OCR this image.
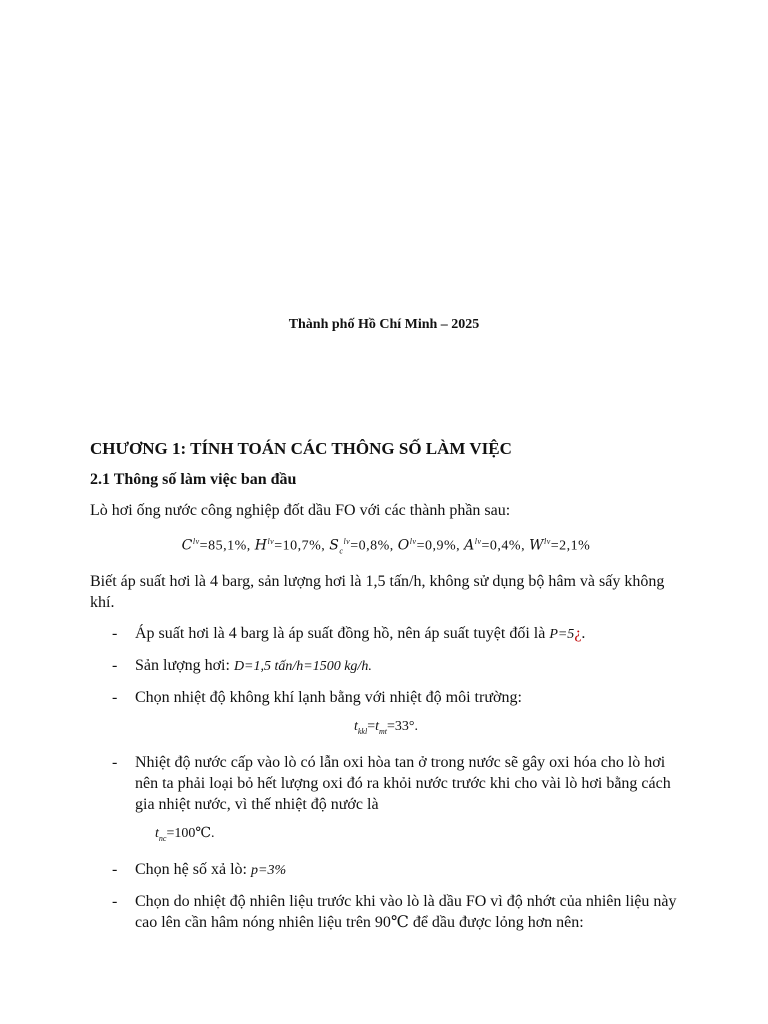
Thành phố Hồ Chí Minh – 2025
CHƯƠNG 1: TÍNH TOÁN CÁC THÔNG SỐ LÀM VIỆC
2.1 Thông số làm việc ban đầu

Lò hơi ống nước công nghiệp đốt dầu FO với các thành phần sau:

$C^{lv}=85,1\%$, $H^{lv}=10,7\%$, $S_c^{lv}=0,8\%$, $O^{lv}=0,9\%$, $A^{lv}=0,4\%$, $W^{lv}=2,1\%$

Biết áp suất hơi là 4 barg, sản lượng hơi là 1,5 tấn/h, không sử dụng bộ hâm và sấy không khí.

- Áp suất hơi là 4 barg là áp suất đồng hồ, nên áp suất tuyệt đối là P=5¿.
- Sản lượng hơi: D=1,5 tấn/h=1500 kg/h.
- Chọn nhiệt độ không khí lạnh bằng với nhiệt độ môi trường:
$t_{kkl}=t_{mt}=33^\circ$.
- Nhiệt độ nước cấp vào lò có lẫn oxi hòa tan ở trong nước sẽ gây oxi hóa cho lò hơi nên ta phải loại bỏ hết lượng oxi đó ra khỏi nước trước khi cho vài lò hơi bằng cách gia nhiệt nước, vì thế nhiệt độ nước là
$t_{nc}=100℃$.
- Chọn hệ số xả lò: p=3%
- Chọn do nhiệt độ nhiên liệu trước khi vào lò là dầu FO vì độ nhớt của nhiên liệu này cao lên cần hâm nóng nhiên liệu trên 90℃ để dầu được lỏng hơn nên:
